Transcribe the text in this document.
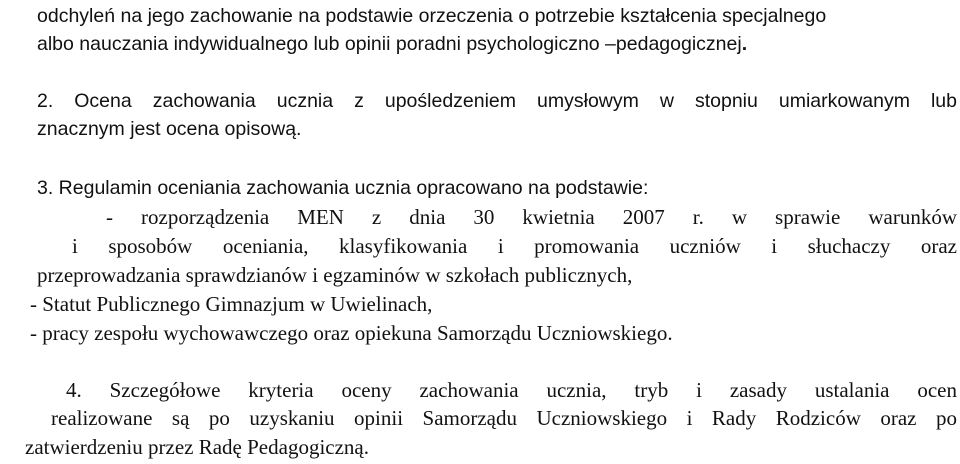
odchyleń na jego zachowanie na podstawie orzeczenia o potrzebie kształcenia specjalnego
albo nauczania indywidualnego lub opinii poradni psychologiczno –pedagogicznej.
2. Ocena zachowania ucznia z upośledzeniem umysłowym w stopniu umiarkowanym lub
znacznym jest ocena opisową.
3. Regulamin oceniania zachowania ucznia opracowano na podstawie:
- rozporządzenia MEN z dnia 30 kwietnia 2007 r. w sprawie warunków
i sposobów oceniania, klasyfikowania i promowania uczniów i słuchaczy oraz
przeprowadzania sprawdzianów i egzaminów w szkołach publicznych,
- Statut Publicznego Gimnazjum w Uwielinach,
- pracy zespołu wychowawczego oraz opiekuna Samorządu Uczniowskiego.
4. Szczegółowe kryteria oceny zachowania ucznia, tryb i zasady ustalania ocen
realizowane są po uzyskaniu opinii Samorządu Uczniowskiego i Rady Rodziców oraz po
zatwierdzeniu przez Radę Pedagogiczną.
